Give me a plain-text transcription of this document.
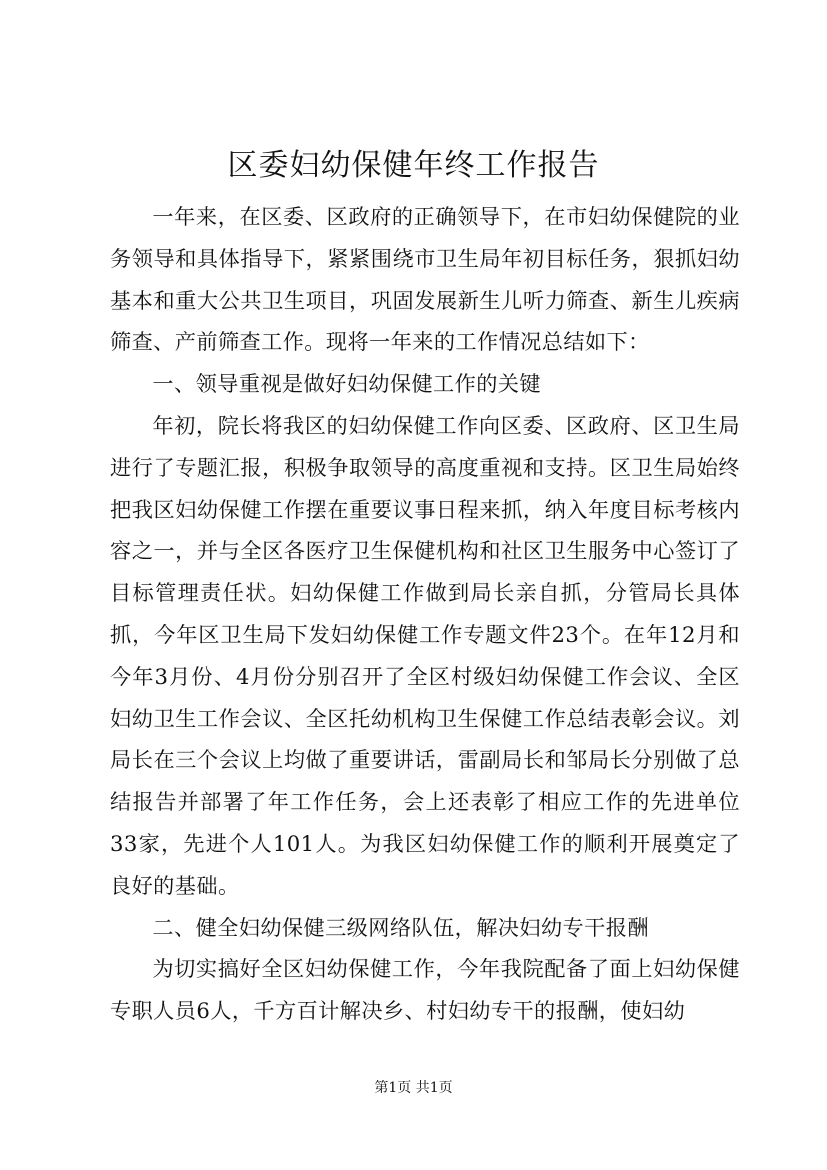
区委妇幼保健年终工作报告

一年来，在区委、区政府的正确领导下，在市妇幼保健院的业务领导和具体指导下，紧紧围绕市卫生局年初目标任务，狠抓妇幼基本和重大公共卫生项目，巩固发展新生儿听力筛查、新生儿疾病筛查、产前筛查工作。现将一年来的工作情况总结如下：

一、领导重视是做好妇幼保健工作的关键

年初，院长将我区的妇幼保健工作向区委、区政府、区卫生局进行了专题汇报，积极争取领导的高度重视和支持。区卫生局始终把我区妇幼保健工作摆在重要议事日程来抓，纳入年度目标考核内容之一，并与全区各医疗卫生保健机构和社区卫生服务中心签订了目标管理责任状。妇幼保健工作做到局长亲自抓，分管局长具体抓，今年区卫生局下发妇幼保健工作专题文件23个。在年12月和今年3月份、4月份分别召开了全区村级妇幼保健工作会议、全区妇幼卫生工作会议、全区托幼机构卫生保健工作总结表彰会议。刘局长在三个会议上均做了重要讲话，雷副局长和邹局长分别做了总结报告并部署了年工作任务，会上还表彰了相应工作的先进单位33家，先进个人101人。为我区妇幼保健工作的顺利开展奠定了良好的基础。

二、健全妇幼保健三级网络队伍，解决妇幼专干报酬

为切实搞好全区妇幼保健工作，今年我院配备了面上妇幼保健专职人员6人，千方百计解决乡、村妇幼专干的报酬，使妇幼

第1页 共1页
